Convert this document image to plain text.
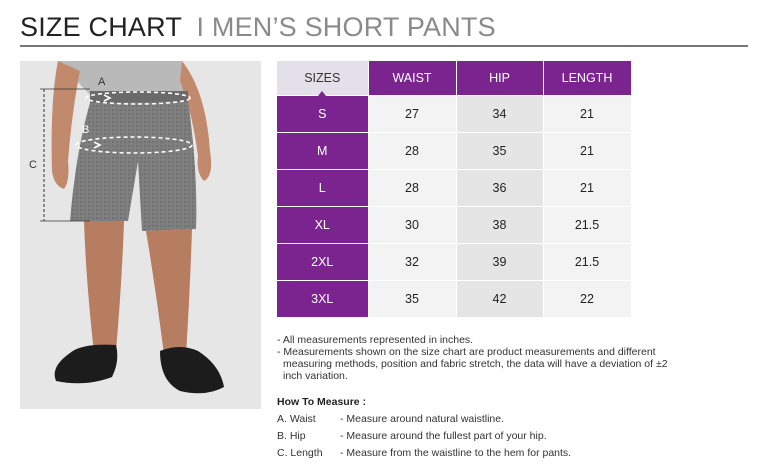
SIZE CHART I MEN’S SHORT PANTS
A
B
C
SIZES	WAIST	HIP	LENGTH
S	27	34	21
M	28	35	21
L	28	36	21
XL	30	38	21.5
2XL	32	39	21.5
3XL	35	42	22
- All measurements represented in inches.
- Measurements shown on the size chart are product measurements and different measuring methods, position and fabric stretch, the data will have a deviation of ±2 inch variation.
How To Measure :
A. Waist - Measure around natural waistline.
B. Hip	- Measure around the fullest part of your hip.
C. Length - Measure from the waistline to the hem for pants.
